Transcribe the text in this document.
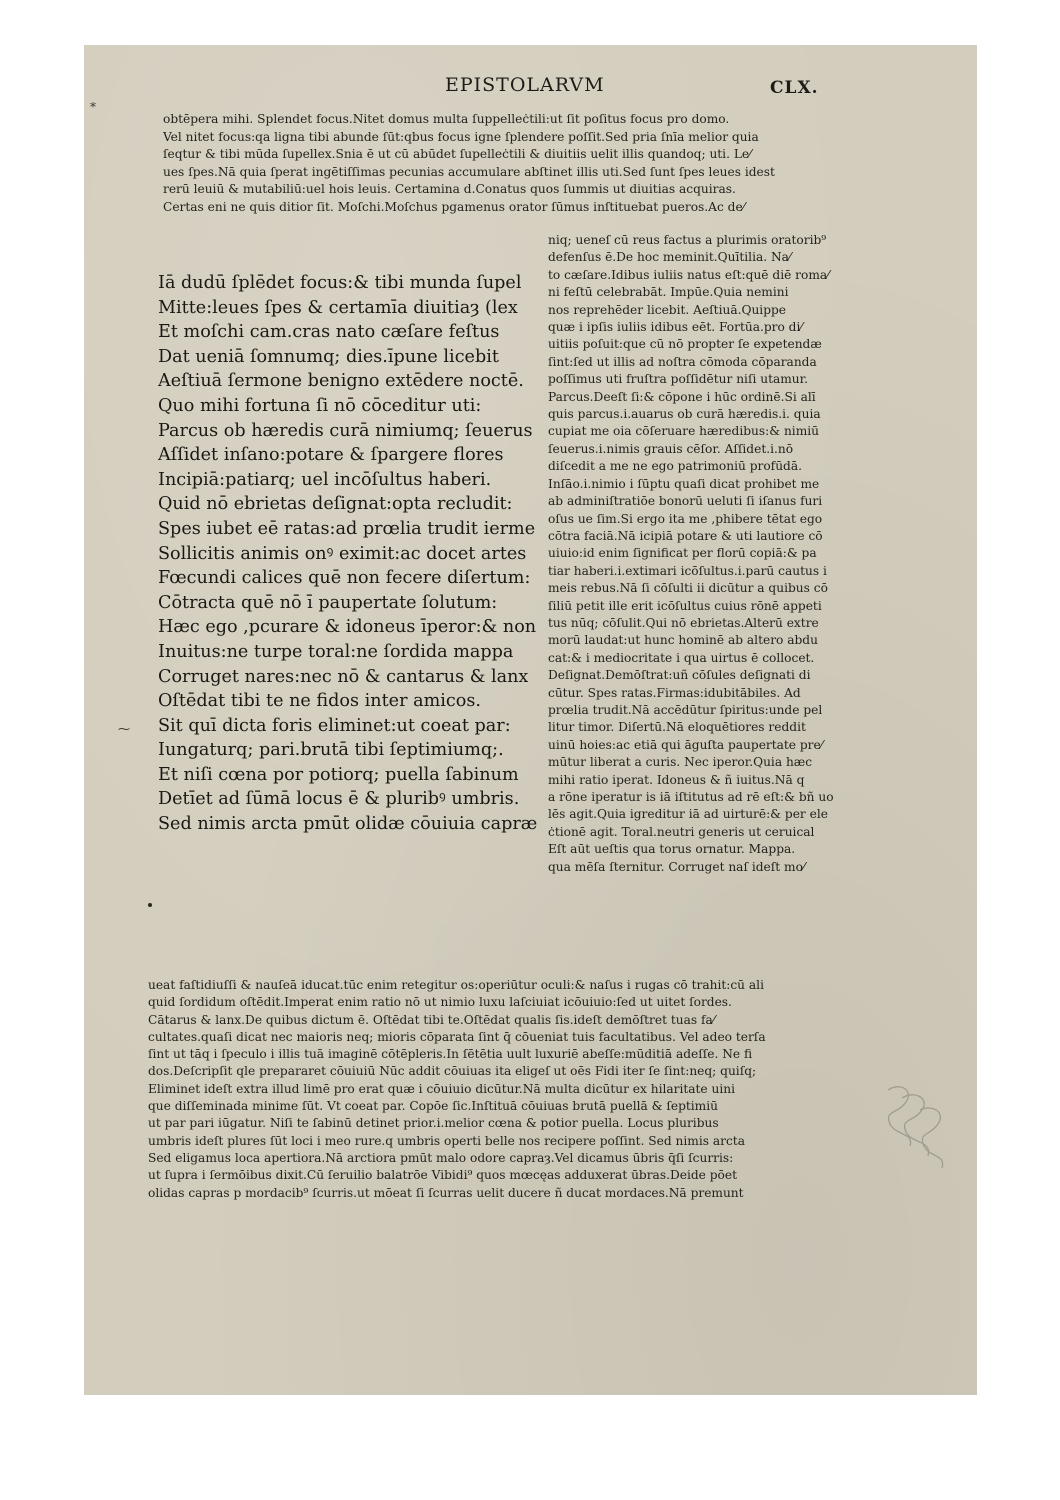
⁎
EPISTOLARVM	CLX.
obtēpera mihi. Splendet focus.Nitet domus multa ſuppelleċtili:ut ſit poſitus focus pro domo.
Vel nitet focus:qa ligna tibi abunde ſūt:qbus focus igne ſplendere poſſit.Sed pria ſnīa melior quia
ſeqtur & tibi mūda ſupellex.Snia ē ut cū abūdet ſupelleċtili & diuitiis uelit illis quandoq; uti. Le⁄
ues ſpes.Nā quia ſperat ingētiſſimas pecunias accumulare abſtinet illis uti.Sed ſunt ſpes leues idest
rerū leuiū & mutabiliū:uel hois leuis. Certamina d.Conatus quos ſummis ut diuitias acquiras.
Certas eni ne quis ditior ſit. Moſchi.Moſchus pgamenus orator ſūmus inſtituebat pueros.Ac de⁄
Iā dudū ſplēdet focus:& tibi munda ſupel
Mitte:leues ſpes & certamīa diuitiaȝ (lex
Et moſchi cam.cras nato cæſare feſtus
Dat ueniā ſomnumq; dies.īpune licebit
Aeſtiuā ſermone benigno extēdere noctē.
Quo mihi fortuna ſi nō cōceditur uti:
Parcus ob hæredis curā nimiumq; ſeuerus
Aſſidet inſano:potare & ſpargere flores
Incipiā:patiarq; uel incōſultus haberi.
Quid nō ebrietas deſignat:opta recludit:
Spes iubet eē ratas:ad prœlia trudit ierme
Sollicitis animis onꝰ eximit:ac docet artes
Fœcundi calices quē non fecere diſertum:
Cōtracta quē nō ī paupertate ſolutum:
Hæc ego ,pcurare & idoneus īperor:& non
Inuitus:ne turpe toral:ne ſordida mappa
Corruget nares:nec nō & cantarus & lanx
Oſtēdat tibi te ne fidos inter amicos.
Sit quī dicta foris eliminet:ut coeat par:
Iungaturq; pari.brutā tibi ſeptimiumq;.
Et niſi cœna por potiorq; puella ſabinum
Detīet ad ſūmā locus ē & pluribꝰ umbris.
Sed nimis arcta pmūt olidæ cōuiuia capræ
niq; ueneſ cū reus factus a plurimis oratorib⁹
defenſus ē.De hoc meminit.Quītilia. Na⁄
to cæſare.Idibus iuliis natus eſt:quē diē roma⁄
ni feſtū celebrabāt. Impūe.Quia nemini
nos reprehēder licebit. Aeſtiuā.Quippe
quæ i ipſis iuliis idibus eēt. Fortūa.pro di⁄
uitiis poſuit:que cū nō propter ſe expetendæ
ſint:ſed ut illis ad noſtra cōmoda cōparanda
poſſimus uti fruſtra poſſidētur niſi utamur.
Parcus.Deeſt ſi:& cōpone i hūc ordinē.Si alī
quis parcus.i.auarus ob curā hæredis.i. quia
cupiat me oia cōſeruare hæredibus:& nimiū
ſeuerus.i.nimis grauis cēſor. Aſſidet.i.nō
diſcedit a me ne ego patrimoniū profūdā.
Inſāo.i.nimio i ſūptu quaſi dicat prohibet me
ab adminiſtratiōe bonorū ueluti ſi iſanus furi
oſus ue ſim.Si ergo ita me ,phibere tētat ego
cōtra faciā.Nā icipiā potare & uti lautiore cō
uiuio:id enim ſignificat per florū copiā:& pa
tiar haberi.i.extimari icōſultus.i.parū cautus i
meis rebus.Nā ſi cōſulti ii dicūtur a quibus cō
ſiliū petit ille erit icōſultus cuius rōnē appeti
tus nūq; cōſulit.Qui nō ebrietas.Alterū extre
morū laudat:ut hunc hominē ab altero abdu
cat:& i mediocritate i qua uirtus ē collocet.
Deſignat.Demōſtrat:uñ cōſules deſignati di
cūtur. Spes ratas.Firmas:idubitābiles. Ad
prœlia trudit.Nā accēdūtur ſpiritus:unde pel
litur timor. Diſertū.Nā eloquētiores reddit
uinū hoies:ac etiā qui āguſta paupertate pre⁄
mūtur liberat a curis. Nec iperor.Quia hæc
mihi ratio iperat. Idoneus & ñ iuitus.Nā q
a rōne iperatur is iā iſtitutus ad rē eſt:& bñ uo
lēs agit.Quia igreditur iā ad uirturē:& per ele
ċtionē agit. Toral.neutri generis ut ceruical
Eſt aūt ueſtis qua torus ornatur. Mappa.
qua mēſa ſternitur. Corruget naſ ideſt mo⁄
ueat faſtidiuſſi & nauſeā iducat.tūc enim retegitur os:operiūtur oculi:& naſus i rugas cō trahit:cū ali
quid ſordidum oſtēdit.Imperat enim ratio nō ut nimio luxu laſciuiat icōuiuio:ſed ut uitet ſordes.
Cātarus & lanx.De quibus dictum ē. Oſtēdat tibi te.Oſtēdat qualis ſis.ideſt demōſtret tuas fa⁄
cultates.quaſi dicat nec maioris neq; mioris cōparata ſint q̄ cōueniat tuis facultatibus. Vel adeo terſa
ſint ut tāq i ſpeculo i illis tuā imaginē cōtēpleris.In ſētētia uult luxuriē abeſſe:mūditiā adeſſe. Ne fi
dos.Deſcripſit qle prepararet cōuiuiū Nūc addit cōuiuas ita eligeſ ut oēs Fidi iter ſe ſint:neq; quiſq;
Eliminet ideſt extra illud limē pro erat quæ i cōuiuio dicūtur.Nā multa dicūtur ex hilaritate uini
que diſſeminada minime ſūt. Vt coeat par. Copōe ſic.Inſtituā cōuiuas brutā puellā & ſeptimiū
ut par pari iūgatur. Niſi te ſabinū detinet prior.i.melior cœna & potior puella. Locus pluribus
umbris ideſt plures ſūt loci i meo rure.q umbris operti belle nos recipere poſſint. Sed nimis arcta
Sed eligamus loca apertiora.Nā arctiora pmūt malo odore capraȝ.Vel dicamus ūbris q̄ſi ſcurris:
ut ſupra i ſermōibus dixit.Cū ſeruilio balatrōe Vibidi⁹ quos mœcęas adduxerat ūbras.Deide pōet
olidas capras p mordacib⁹ ſcurris.ut mōeat ſi ſcurras uelit ducere ñ ducat mordaces.Nā premunt
⁓
